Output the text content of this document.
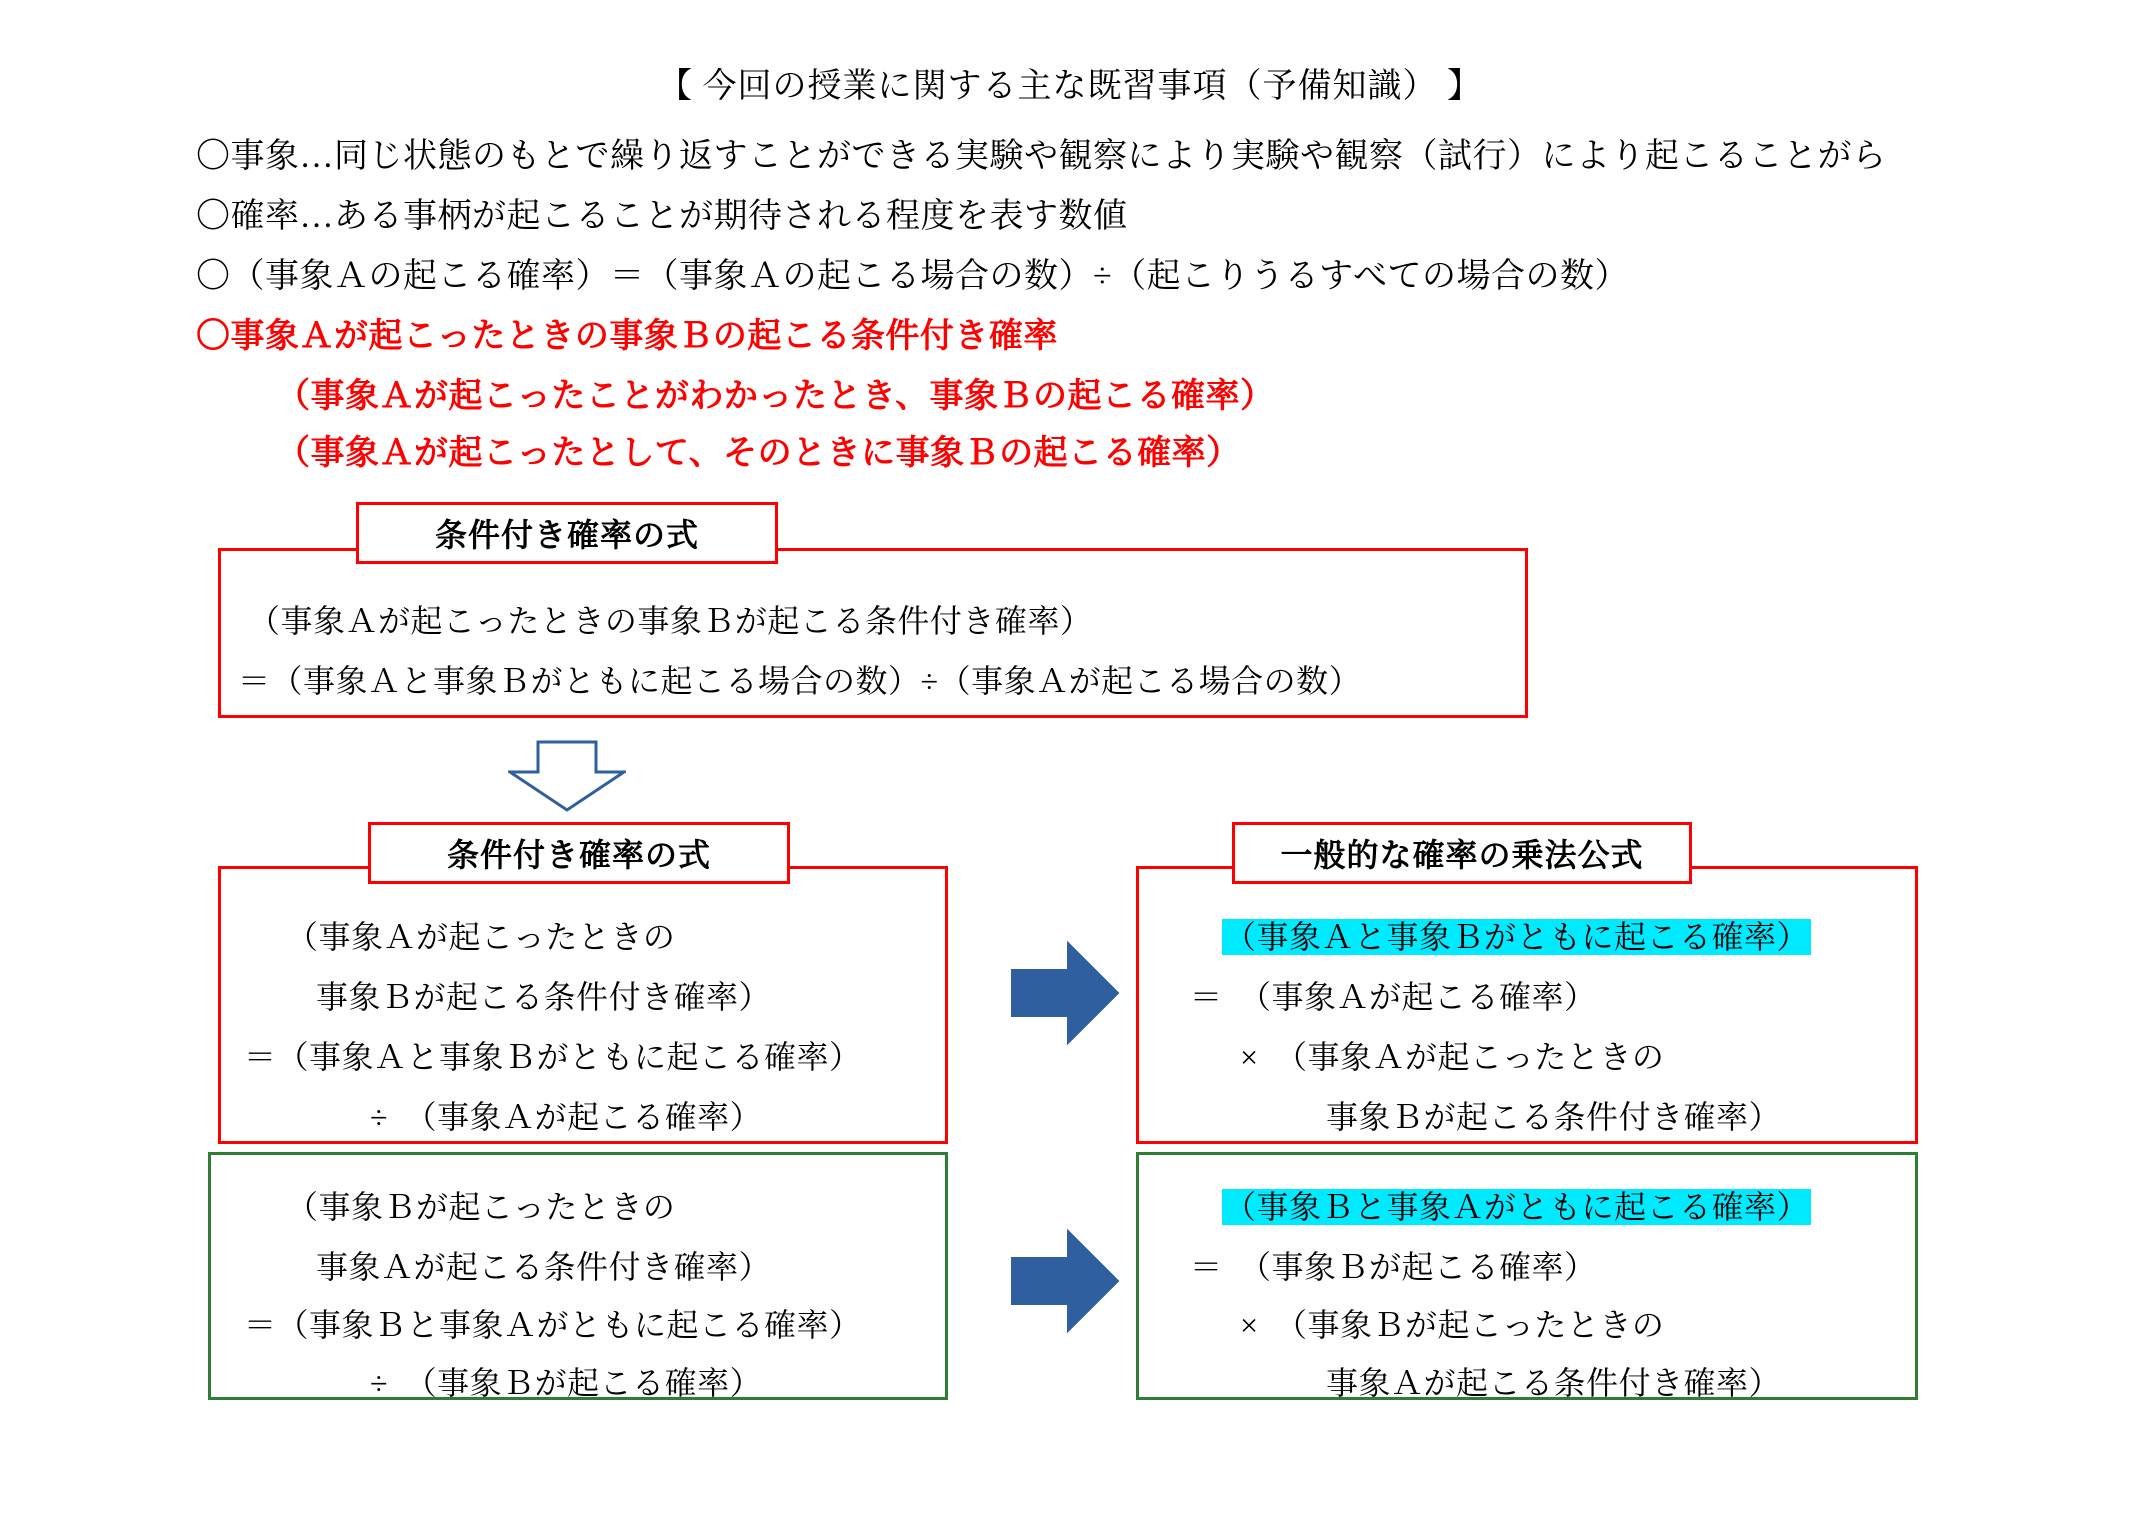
【 今回の授業に関する主な既習事項（予備知識） 】
〇事象…同じ状態のもとで繰り返すことができる実験や観察により実験や観察（試行）により起こることがら
〇確率…ある事柄が起こることが期待される程度を表す数値
〇（事象Ａの起こる確率）＝（事象Ａの起こる場合の数）÷（起こりうるすべての場合の数）
〇事象Ａが起こったときの事象Ｂの起こる条件付き確率
（事象Ａが起こったことがわかったとき、事象Ｂの起こる確率）
（事象Ａが起こったとして、そのときに事象Ｂの起こる確率）
条件付き確率の式
（事象Ａが起こったときの事象Ｂが起こる条件付き確率）
＝（事象Ａと事象Ｂがともに起こる場合の数）÷（事象Ａが起こる場合の数）
条件付き確率の式
（事象Ａが起こったときの
事象Ｂが起こる条件付き確率）
＝（事象Ａと事象Ｂがともに起こる確率）
÷　（事象Ａが起こる確率）
（事象Ｂが起こったときの
事象Ａが起こる条件付き確率）
＝（事象Ｂと事象Ａがともに起こる確率）
÷　（事象Ｂが起こる確率）
一般的な確率の乗法公式
（事象Ａと事象Ｂがともに起こる確率）
＝　（事象Ａが起こる確率）
×　（事象Ａが起こったときの
事象Ｂが起こる条件付き確率）
（事象Ｂと事象Ａがともに起こる確率）
＝　（事象Ｂが起こる確率）
×　（事象Ｂが起こったときの
事象Ａが起こる条件付き確率）
